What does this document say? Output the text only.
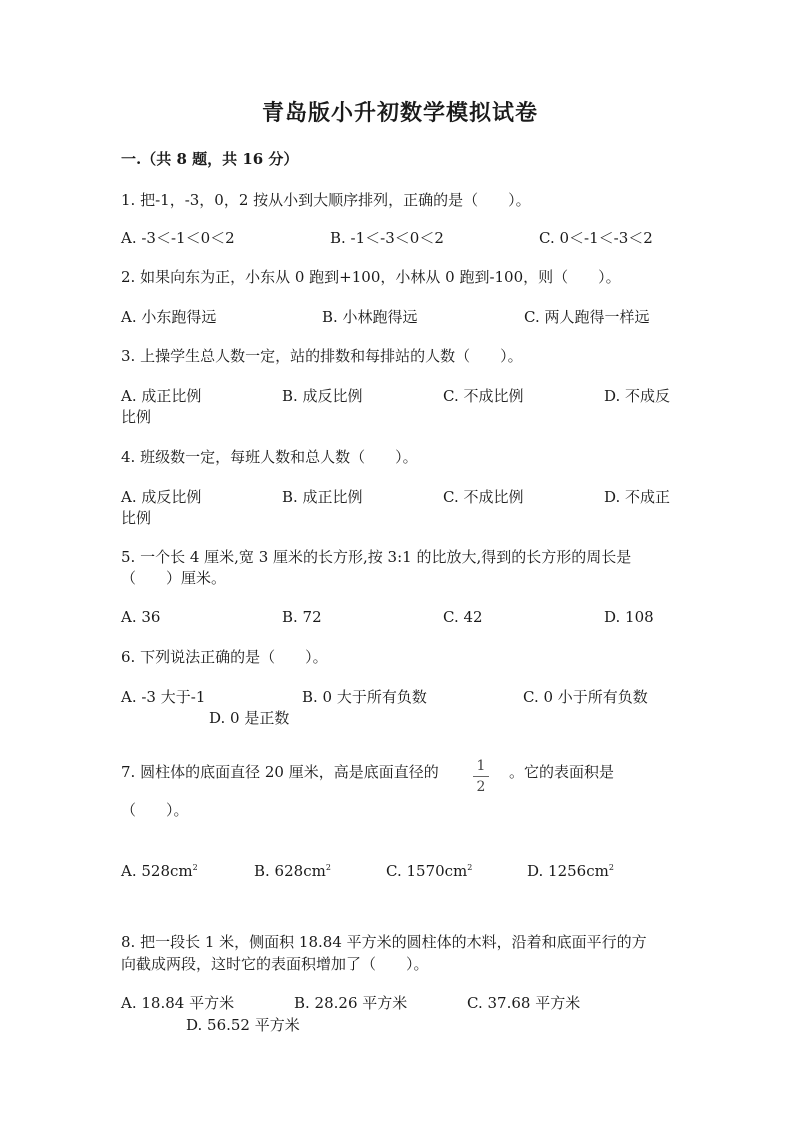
青岛版小升初数学模拟试卷
一.（共 8 题，共 16 分）
1. 把-1，-3，0，2 按从小到大顺序排列，正确的是（　　）。
A. -3＜-1＜0＜2	B. -1＜-3＜0＜2	C. 0＜-1＜-3＜2
2. 如果向东为正，小东从 0 跑到+100，小林从 0 跑到-100，则（　　）。
A. 小东跑得远	B. 小林跑得远	C. 两人跑得一样远
3. 上操学生总人数一定，站的排数和每排站的人数（　　）。
A. 成正比例	B. 成反比例	C. 不成比例	D. 不成反
比例
4. 班级数一定，每班人数和总人数（　　）。
A. 成反比例	B. 成正比例	C. 不成比例	D. 不成正
比例
5. 一个长 4 厘米,宽 3 厘米的长方形,按 3:1 的比放大,得到的长方形的周长是
（　　）厘米。
A. 36	B. 72	C. 42	D. 108
6. 下列说法正确的是（　　）。
A. -3 大于-1	B. 0 大于所有负数	C. 0 小于所有负数
D. 0 是正数
7. 圆柱体的底面直径 20 厘米，高是底面直径的	1
2
。它的表面积是
（　　）。
A. $528cm^2$	B. $628cm^2$	C. $1570cm^2$	D. $1256cm^2$
8. 把一段长 1 米，侧面积 18.84 平方米的圆柱体的木料，沿着和底面平行的方
向截成两段，这时它的表面积增加了（　　）。
A. 18.84 平方米	B. 28.26 平方米	C. 37.68 平方米
D. 56.52 平方米
